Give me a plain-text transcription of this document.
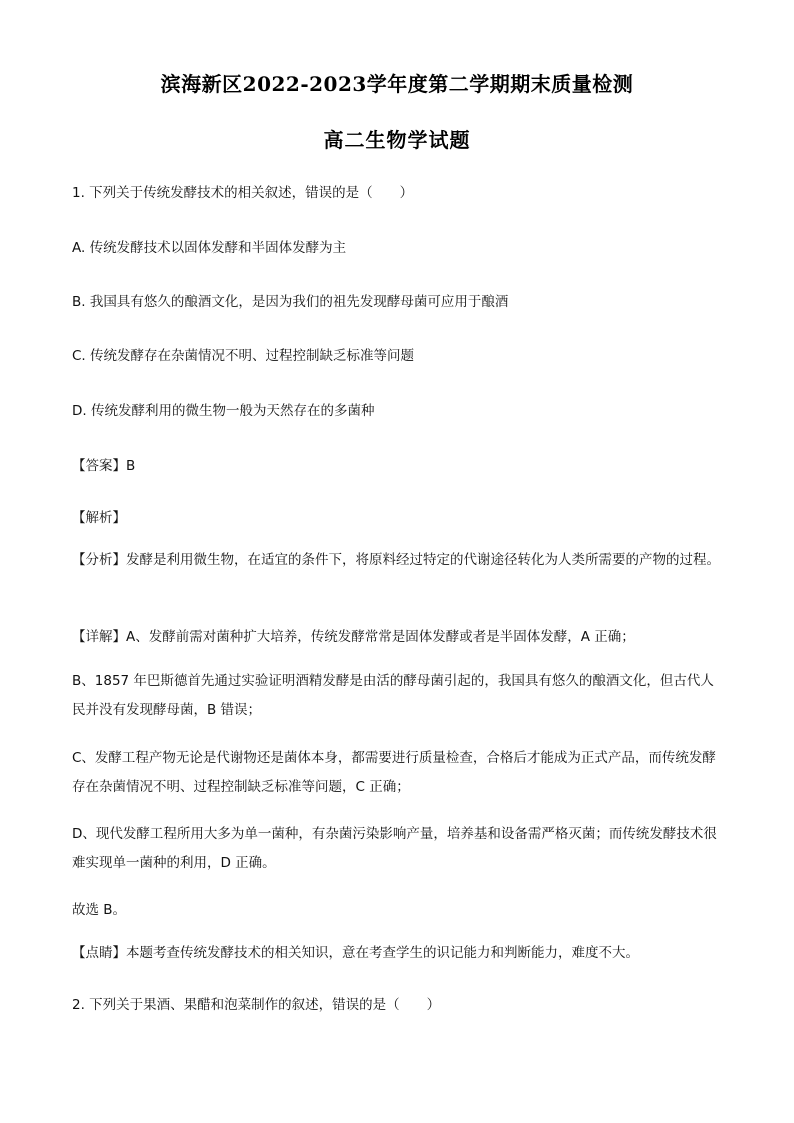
滨海新区2022-2023学年度第二学期期末质量检测
高二生物学试题
1. 下列关于传统发酵技术的相关叙述，错误的是（　　）
A. 传统发酵技术以固体发酵和半固体发酵为主
B. 我国具有悠久的酿酒文化，是因为我们的祖先发现酵母菌可应用于酿酒
C. 传统发酵存在杂菌情况不明、过程控制缺乏标准等问题
D. 传统发酵利用的微生物一般为天然存在的多菌种
【答案】B
【解析】
【分析】发酵是利用微生物，在适宜的条件下，将原料经过特定的代谢途径转化为人类所需要的产物的过程。
【详解】A、发酵前需对菌种扩大培养，传统发酵常常是固体发酵或者是半固体发酵，A 正确；
B、1857 年巴斯德首先通过实验证明酒精发酵是由活的酵母菌引起的，我国具有悠久的酿酒文化，但古代人民并没有发现酵母菌，B 错误；
C、发酵工程产物无论是代谢物还是菌体本身，都需要进行质量检查，合格后才能成为正式产品，而传统发酵存在杂菌情况不明、过程控制缺乏标准等问题，C 正确；
D、现代发酵工程所用大多为单一菌种，有杂菌污染影响产量，培养基和设备需严格灭菌；而传统发酵技术很难实现单一菌种的利用，D 正确。
故选 B。
【点睛】本题考查传统发酵技术的相关知识，意在考查学生的识记能力和判断能力，难度不大。
2. 下列关于果酒、果醋和泡菜制作的叙述，错误的是（　　）
